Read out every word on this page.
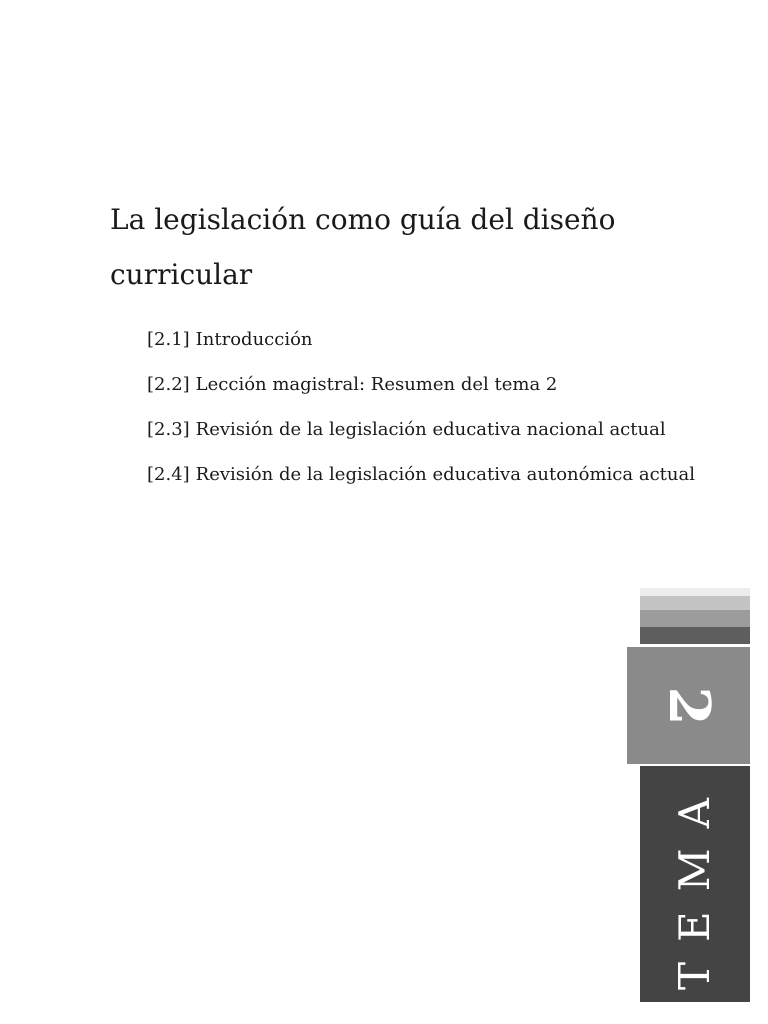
La legislación como guía del diseño curricular
[2.1] Introducción
[2.2] Lección magistral: Resumen del tema 2
[2.3] Revisión de la legislación educativa nacional actual
[2.4] Revisión de la legislación educativa autonómica actual
2
TEMA
